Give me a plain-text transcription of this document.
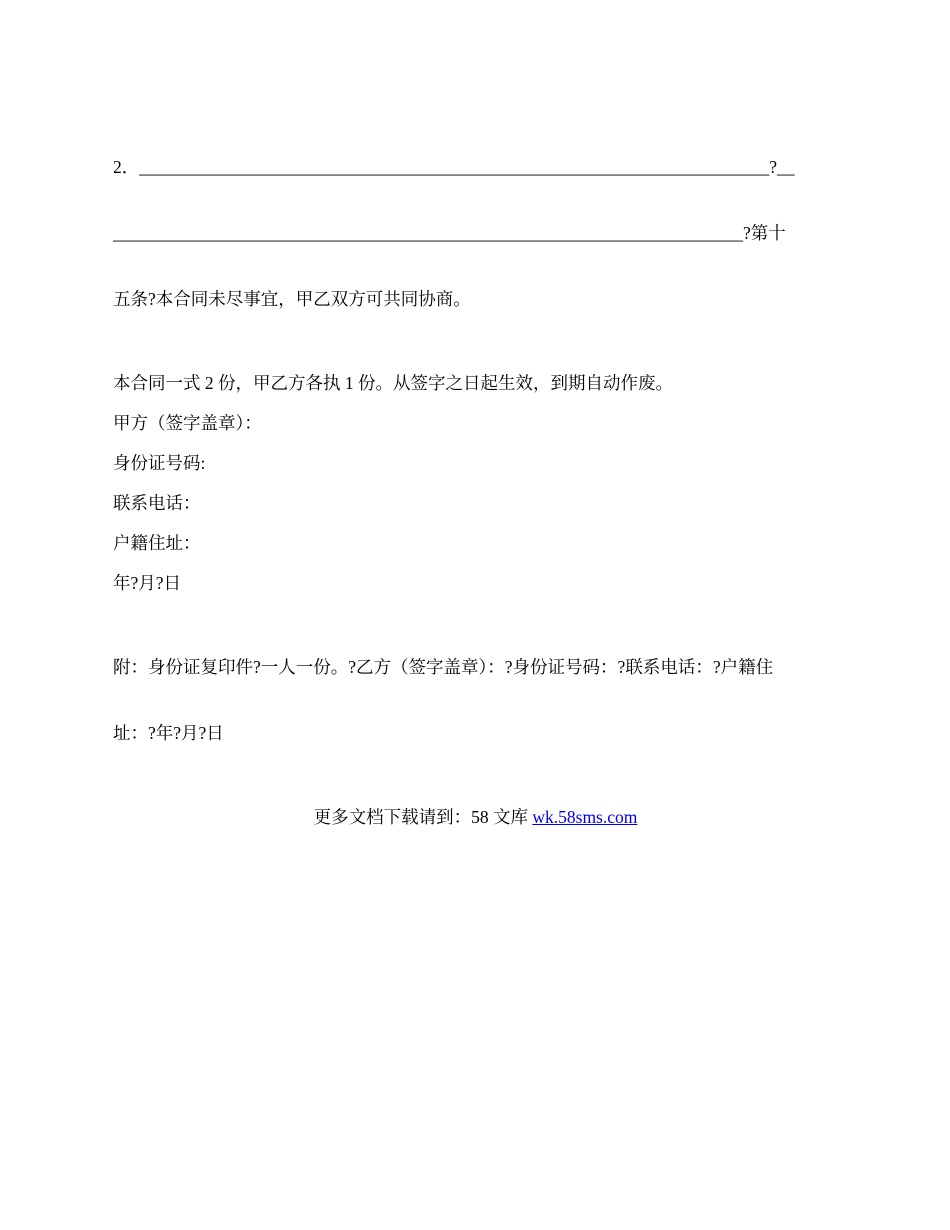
2．________________________________________________________________________?__

________________________________________________________________________?第十

五条?本合同未尽事宜，甲乙双方可共同协商。

本合同一式 2 份，甲乙方各执 1 份。从签字之日起生效，到期自动作废。

甲方（签字盖章）：

身份证号码:

联系电话：

户籍住址：

年?月?日

附：身份证复印件?一人一份。?乙方（签字盖章）：?身份证号码：?联系电话：?户籍住

址：?年?月?日

更多文档下载请到：58 文库 wk.58sms.com
